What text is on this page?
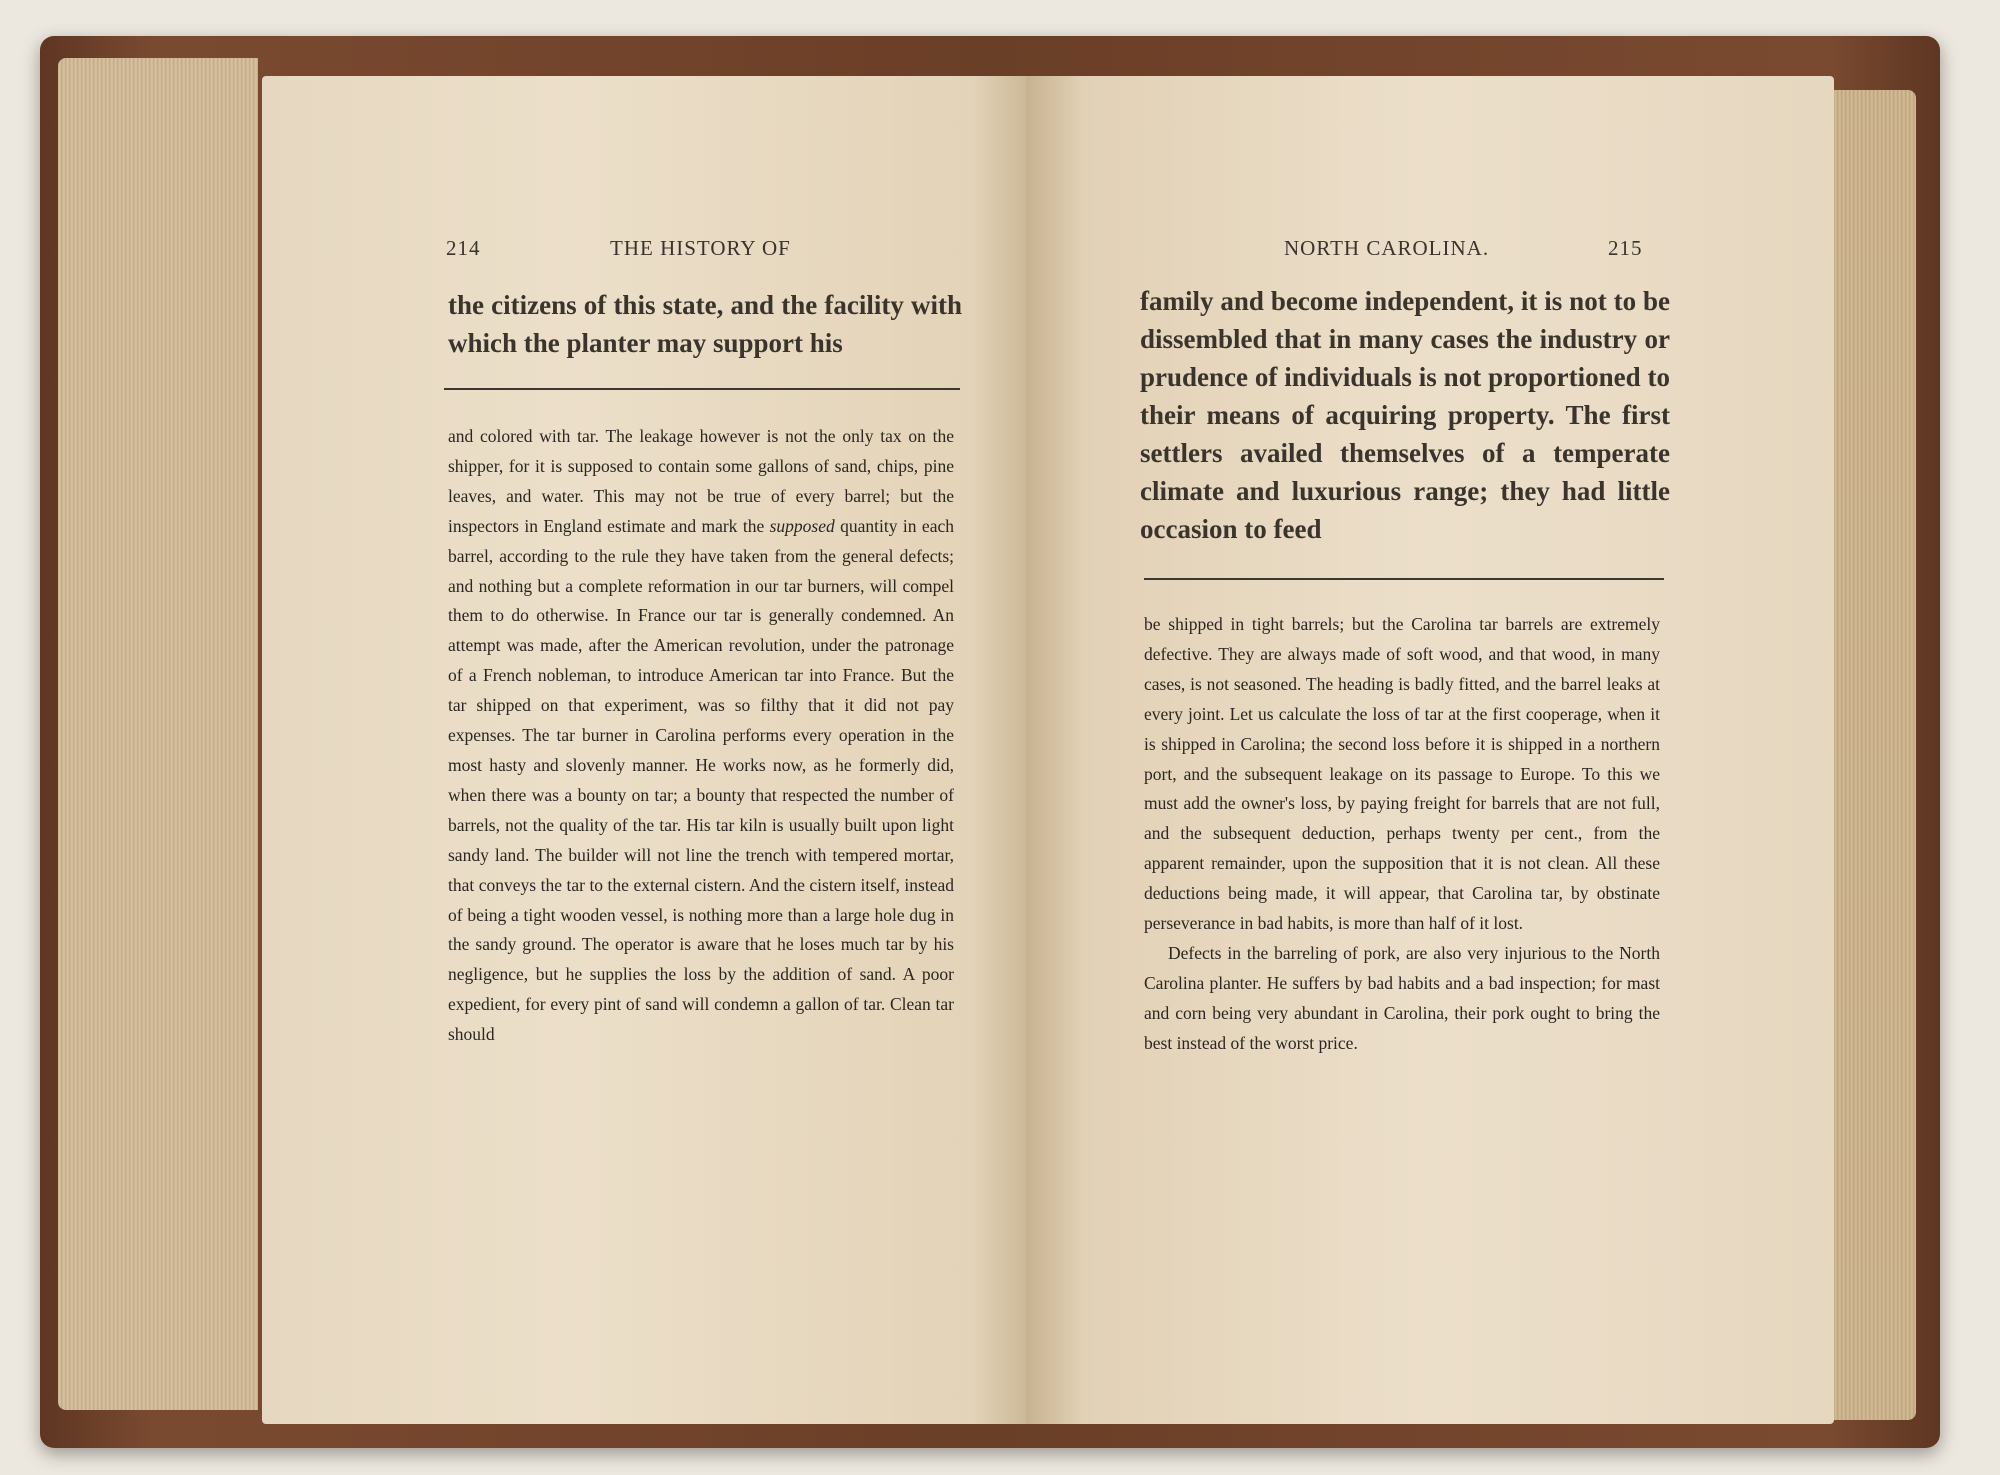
214	THE HISTORY OF
the citizens of this state, and the facility with which the planter may support his

and colored with tar. The leakage however is not the only tax on the shipper, for it is supposed to contain some gallons of sand, chips, pine leaves, and water. This may not be true of every barrel; but the inspectors in England estimate and mark the supposed quantity in each barrel, according to the rule they have taken from the general defects; and nothing but a complete reformation in our tar burners, will compel them to do otherwise. In France our tar is generally condemned. An attempt was made, after the American revolution, under the patronage of a French nobleman, to introduce American tar into France. But the tar shipped on that experiment, was so filthy that it did not pay expenses. The tar burner in Carolina performs every operation in the most hasty and slovenly manner. He works now, as he formerly did, when there was a bounty on tar; a bounty that respected the number of barrels, not the quality of the tar. His tar kiln is usually built upon light sandy land. The builder will not line the trench with tempered mortar, that conveys the tar to the external cistern. And the cistern itself, instead of being a tight wooden vessel, is nothing more than a large hole dug in the sandy ground. The operator is aware that he loses much tar by his negligence, but he supplies the loss by the addition of sand. A poor expedient, for every pint of sand will condemn a gallon of tar. Clean tar should

NORTH CAROLINA.	215
family and become independent, it is not to be dissembled that in many cases the industry or prudence of individuals is not proportioned to their means of acquiring property. The first settlers availed themselves of a temperate climate and luxurious range; they had little occasion to feed

be shipped in tight barrels; but the Carolina tar barrels are extremely defective. They are always made of soft wood, and that wood, in many cases, is not seasoned. The heading is badly fitted, and the barrel leaks at every joint. Let us calculate the loss of tar at the first cooperage, when it is shipped in Carolina; the second loss before it is shipped in a northern port, and the subsequent leakage on its passage to Europe. To this we must add the owner's loss, by paying freight for barrels that are not full, and the subsequent deduction, perhaps twenty per cent., from the apparent remainder, upon the supposition that it is not clean. All these deductions being made, it will appear, that Carolina tar, by obstinate perseverance in bad habits, is more than half of it lost.

Defects in the barreling of pork, are also very injurious to the North Carolina planter. He suffers by bad habits and a bad inspection; for mast and corn being very abundant in Carolina, their pork ought to bring the best instead of the worst price.
